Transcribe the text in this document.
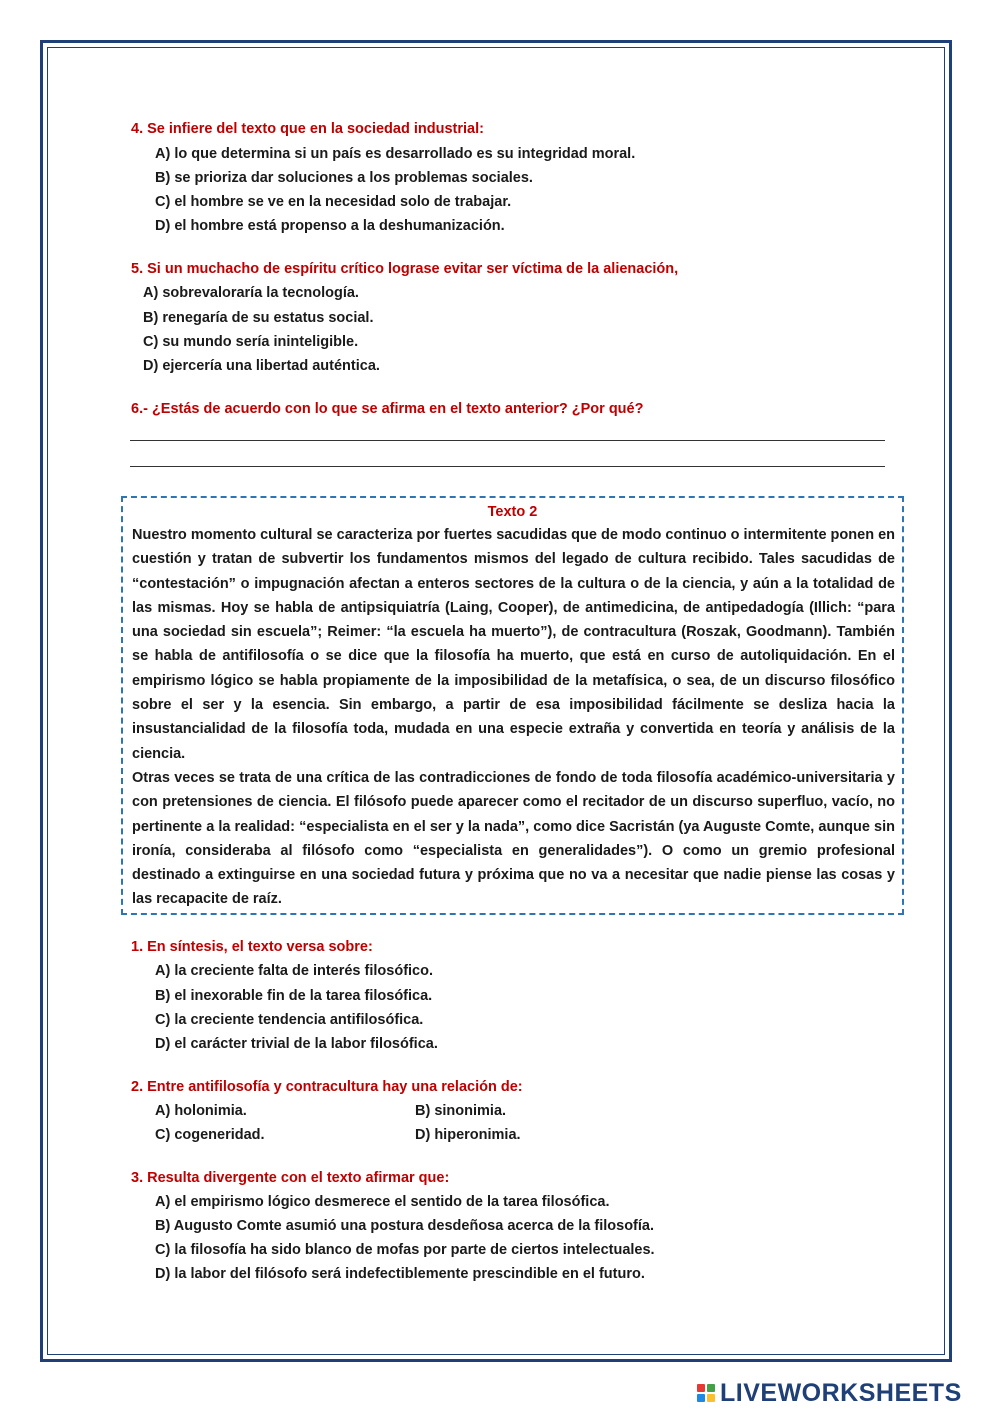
4. Se infiere del texto que en la sociedad industrial:
A) lo que determina si un país es desarrollado es su integridad moral.
B) se prioriza dar soluciones a los problemas sociales.
C) el hombre se ve en la necesidad solo de trabajar.
D) el hombre está propenso a la deshumanización.
5. Si un muchacho de espíritu crítico lograse evitar ser víctima de la alienación,
A) sobrevaloraría la tecnología.
B) renegaría de su estatus social.
C) su mundo sería ininteligible.
D) ejercería una libertad auténtica.
6.- ¿Estás de acuerdo con lo que se afirma en el texto anterior? ¿Por qué?
Texto 2
Nuestro momento cultural se caracteriza por fuertes sacudidas que de modo continuo o intermitente ponen en cuestión y tratan de subvertir los fundamentos mismos del legado de cultura recibido. Tales sacudidas de “contestación” o impugnación afectan a enteros sectores de la cultura o de la ciencia, y aún a la totalidad de las mismas. Hoy se habla de antipsiquiatría (Laing, Cooper), de antimedicina, de antipedadogía (Illich: “para una sociedad sin escuela”; Reimer: “la escuela ha muerto”), de contracultura (Roszak, Goodmann). También se habla de antifilosofía o se dice que la filosofía ha muerto, que está en curso de autoliquidación. En el empirismo lógico se habla propiamente de la imposibilidad de la metafísica, o sea, de un discurso filosófico sobre el ser y la esencia. Sin embargo, a partir de esa imposibilidad fácilmente se desliza hacia la insustancialidad de la filosofía toda, mudada en una especie extraña y convertida en teoría y análisis de la ciencia.
Otras veces se trata de una crítica de las contradicciones de fondo de toda filosofía académico-universitaria y con pretensiones de ciencia. El filósofo puede aparecer como el recitador de un discurso superfluo, vacío, no pertinente a la realidad: “especialista en el ser y la nada”, como dice Sacristán (ya Auguste Comte, aunque sin ironía, consideraba al filósofo como “especialista en generalidades”). O como un gremio profesional destinado a extinguirse en una sociedad futura y próxima que no va a necesitar que nadie piense las cosas y las recapacite de raíz.
1. En síntesis, el texto versa sobre:
A) la creciente falta de interés filosófico.
B) el inexorable fin de la tarea filosófica.
C) la creciente tendencia antifilosófica.
D) el carácter trivial de la labor filosófica.
2. Entre antifilosofía y contracultura hay una relación de:
A) holonimia.	B) sinonimia.
C) cogeneridad.	D) hiperonimia.
3. Resulta divergente con el texto afirmar que:
A) el empirismo lógico desmerece el sentido de la tarea filosófica.
B) Augusto Comte asumió una postura desdeñosa acerca de la filosofía.
C) la filosofía ha sido blanco de mofas por parte de ciertos intelectuales.
D) la labor del filósofo será indefectiblemente prescindible en el futuro.
LIVEWORKSHEETS
